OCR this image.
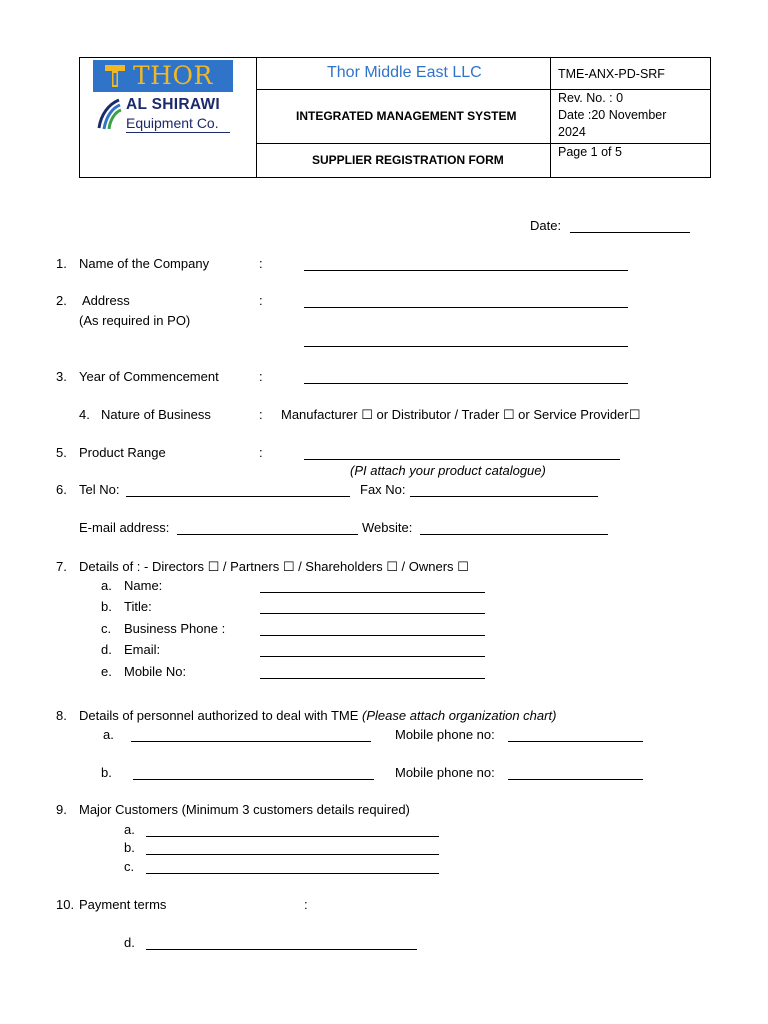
THOR
AL SHIRAWI
Equipment Co.
Thor Middle East LLC
INTEGRATED MANAGEMENT SYSTEM
SUPPLIER REGISTRATION FORM
TME-ANX-PD-SRF
Rev. No. : 0
Date :20 November
2024
Page 1 of 5
Date:
1. Name of the Company	:
2. Address
(As required in PO)
:
3. Year of Commencement	:
4. Nature of Business	: Manufacturer ☐ or Distributor / Trader ☐ or Service Provider☐
5. Product Range	:
(PI attach your product catalogue)
6. Tel No:	Fax No:
E-mail address:	Website:
7. Details of : - Directors ☐ / Partners ☐ / Shareholders ☐ / Owners ☐
a. Name:
b. Title:
c. Business Phone :
d. Email:
e. Mobile No:
8. Details of personnel authorized to deal with TME (Please attach organization chart)
a.	Mobile phone no:
b.	Mobile phone no:
9. Major Customers (Minimum 3 customers details required)
a.
b.
c.
10. Payment terms	:
d.
